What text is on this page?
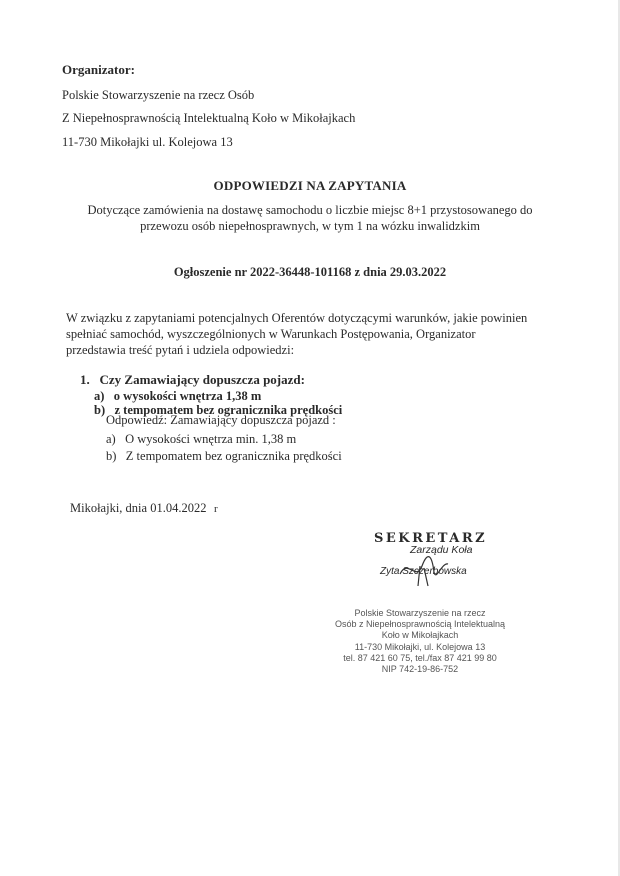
Organizator:
Polskie Stowarzyszenie na rzecz Osób
Z Niepełnosprawnością Intelektualną Koło w Mikołajkach
11-730 Mikołajki ul. Kolejowa 13
ODPOWIEDZI NA ZAPYTANIA
Dotyczące zamówienia na dostawę samochodu o liczbie miejsc 8+1 przystosowanego do
przewozu osób niepełnosprawnych, w tym 1 na wózku inwalidzkim
Ogłoszenie nr 2022-36448-101168 z dnia 29.03.2022
W związku z zapytaniami potencjalnych Oferentów dotyczącymi warunków, jakie powinien
spełniać samochód, wyszczególnionych w Warunkach Postępowania, Organizator
przedstawia treść pytań i udziela odpowiedzi:
1. Czy Zamawiający dopuszcza pojazd:
a) o wysokości wnętrza 1,38 m
b) z tempomatem bez ogranicznika prędkości
Odpowiedź: Zamawiający dopuszcza pojazd :
a) O wysokości wnętrza min. 1,38 m
b) Z tempomatem bez ogranicznika prędkości
Mikołajki, dnia 01.04.2022 r
SEKRETARZ
Zarządu Koła
Zyta Szczerbowska
Polskie Stowarzyszenie na rzecz
Osób z Niepełnosprawnością Intelektualną
Koło w Mikołajkach
11-730 Mikołajki, ul. Kolejowa 13
tel. 87 421 60 75, tel./fax 87 421 99 80
NIP 742-19-86-752
